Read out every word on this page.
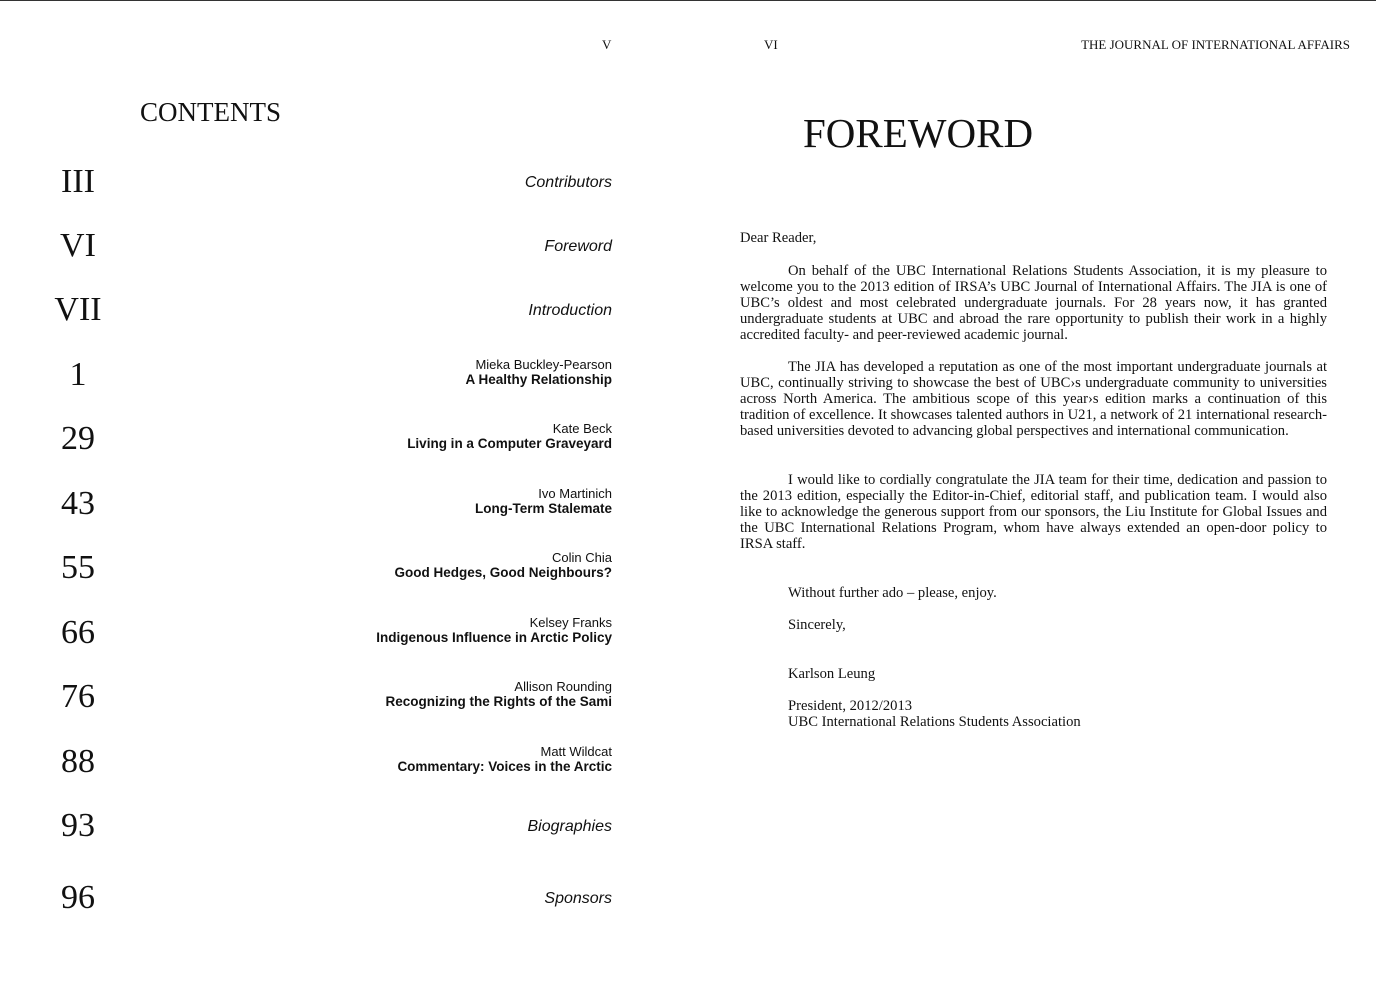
V
CONTENTS
III	Contributors
VI	Foreword
VII	Introduction
1	Mieka Buckley-Pearson
A Healthy Relationship
29	Kate Beck
Living in a Computer Graveyard
43	Ivo Martinich
Long-Term Stalemate
55	Colin Chia
Good Hedges, Good Neighbours?
66	Kelsey Franks
Indigenous Influence in Arctic Policy
76	Allison Rounding
Recognizing the Rights of the Sami
88	Matt Wildcat
Commentary: Voices in the Arctic
93	Biographies
96	Sponsors
VI	THE JOURNAL OF INTERNATIONAL AFFAIRS
FOREWORD
Dear Reader,
On behalf of the UBC International Relations Students Association, it is my pleasure to welcome you to the 2013 edition of IRSA’s UBC Journal of International Affairs. The JIA is one of UBC’s oldest and most celebrated undergraduate journals. For 28 years now, it has granted undergraduate students at UBC and abroad the rare opportunity to publish their work in a highly accredited faculty- and peer-reviewed academic journal.
The JIA has developed a reputation as one of the most important undergraduate journals at UBC, continually striving to showcase the best of UBC›s undergraduate community to universities across North America. The ambitious scope of this year›s edition marks a continuation of this tradition of excellence. It showcases talented authors in U21, a network of 21 international research-based universities devoted to advancing global perspectives and international communication.
I would like to cordially congratulate the JIA team for their time, dedication and passion to the 2013 edition, especially the Editor-in-Chief, editorial staff, and publication team. I would also like to acknowledge the generous support from our sponsors, the Liu Institute for Global Issues and the UBC International Relations Program, whom have always extended an open-door policy to IRSA staff.
Without further ado – please, enjoy.
Sincerely,
Karlson Leung
President, 2012/2013
UBC International Relations Students Association
